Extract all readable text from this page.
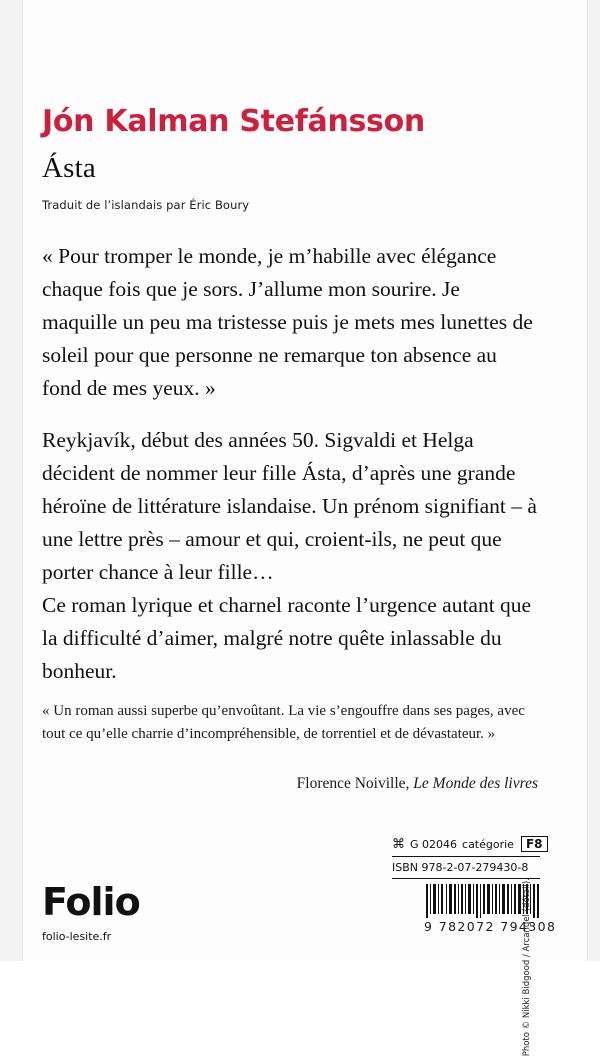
Jón Kalman Stefánsson
Ásta
Traduit de l’islandais par Éric Boury
« Pour tromper le monde, je m’habille avec élégance chaque fois que je sors. J’allume mon sourire. Je maquille un peu ma tristesse puis je mets mes lunettes de soleil pour que personne ne remarque ton absence au fond de mes yeux. »

Reykjavík, début des années 50. Sigvaldi et Helga décident de nommer leur fille Ásta, d’après une grande héroïne de littérature islandaise. Un prénom signifiant – à une lettre près – amour et qui, croient-ils, ne peut que porter chance à leur fille…

Ce roman lyrique et charnel raconte l’urgence autant que la difficulté d’aimer, malgré notre quête inlassable du bonheur.

« Un roman aussi superbe qu’envoûtant. La vie s’engouffre dans ses pages, avec tout ce qu’elle charrie d’incompréhensible, de torrentiel et de dévastateur. »
Florence Noiville, Le Monde des livres
⌘ G 02046 catégorie	F8
ISBN 978-2-07-279430-8
9 782072 794308
Photo © Nikki Bidgood / Arcangel (détail).
Folio
folio-lesite.fr
